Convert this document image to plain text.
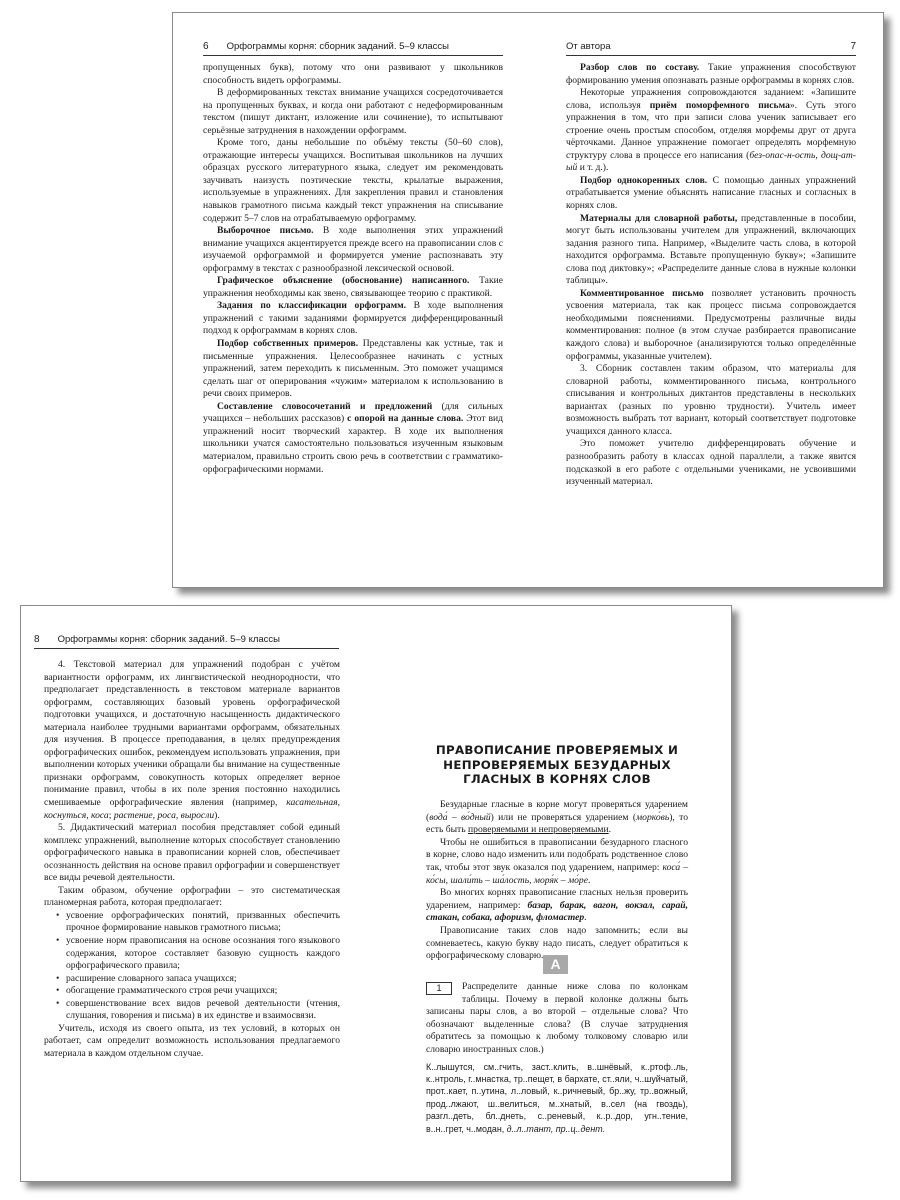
6 Орфограммы корня: сборник заданий. 5–9 классы

пропущенных букв), потому что они развивают у школьников способность видеть орфограммы.

В деформированных текстах внимание учащихся сосредоточивается на пропущенных буквах, и когда они работают с недеформированным текстом (пишут диктант, изложение или сочинение), то испытывают серьёзные затруднения в нахождении орфограмм.

Кроме того, даны небольшие по объёму тексты (50–60 слов), отражающие интересы учащихся. Воспитывая школьников на лучших образцах русского литературного языка, следует им рекомендовать заучивать наизусть поэтические тексты, крылатые выражения, используемые в упражнениях. Для закрепления правил и становления навыков грамотного письма каждый текст упражнения на списывание содержит 5–7 слов на отрабатываемую орфограмму.

Выборочное письмо. В ходе выполнения этих упражнений внимание учащихся акцентируется прежде всего на правописании слов с изучаемой орфограммой и формируется умение распознавать эту орфограмму в текстах с разнообразной лексической основой.

Графическое объяснение (обоснование) написанного. Такие упражнения необходимы как звено, связывающее теорию с практикой.

Задания по классификации орфограмм. В ходе выполнения упражнений с такими заданиями формируется дифференцированный подход к орфограммам в корнях слов.

Подбор собственных примеров. Представлены как устные, так и письменные упражнения. Целесообразнее начинать с устных упражнений, затем переходить к письменным. Это поможет учащимся сделать шаг от оперирования «чужим» материалом к использованию в речи своих примеров.

Составление словосочетаний и предложений (для сильных учащихся – небольших рассказов) с опорой на данные слова. Этот вид упражнений носит творческий характер. В ходе их выполнения школьники учатся самостоятельно пользоваться изученным языковым материалом, правильно строить свою речь в соответствии с грамматико-орфографическими нормами.

От автора	7

Разбор слов по составу. Такие упражнения способствуют формированию умения опознавать разные орфограммы в корнях слов.

Некоторые упражнения сопровождаются заданием: «Запишите слова, используя приём поморфемного письма». Суть этого упражнения в том, что при записи слова ученик записывает его строение очень простым способом, отделяя морфемы друг от друга чёрточками. Данное упражнение помогает определять морфемную структуру слова в процессе его написания (без-опас-н-ость, дощ-ат-ый и т. д.).

Подбор однокоренных слов. С помощью данных упражнений отрабатывается умение объяснять написание гласных и согласных в корнях слов.

Материалы для словарной работы, представленные в пособии, могут быть использованы учителем для упражнений, включающих задания разного типа. Например, «Выделите часть слова, в которой находится орфограмма. Вставьте пропущенную букву»; «Запишите слова под диктовку»; «Распределите данные слова в нужные колонки таблицы».

Комментированное письмо позволяет установить прочность усвоения материала, так как процесс письма сопровождается необходимыми пояснениями. Предусмотрены различные виды комментирования: полное (в этом случае разбирается правописание каждого слова) и выборочное (анализируются только определённые орфограммы, указанные учителем).

3. Сборник составлен таким образом, что материалы для словарной работы, комментированного письма, контрольного списывания и контрольных диктантов представлены в нескольких вариантах (разных по уровню трудности). Учитель имеет возможность выбрать тот вариант, который соответствует подготовке учащихся данного класса.

Это поможет учителю дифференцировать обучение и разнообразить работу в классах одной параллели, а также явится подсказкой в его работе с отдельными учениками, не усвоившими изученный материал.

8 Орфограммы корня: сборник заданий. 5–9 классы

4. Текстовой материал для упражнений подобран с учётом вариантности орфограмм, их лингвистической неоднородности, что предполагает представленность в текстовом материале вариантов орфограмм, составляющих базовый уровень орфографической подготовки учащихся, и достаточную насыщенность дидактического материала наиболее трудными вариантами орфограмм, обязательных для изучения. В процессе преподавания, в целях предупреждения орфографических ошибок, рекомендуем использовать упражнения, при выполнении которых ученики обращали бы внимание на существенные признаки орфограмм, совокупность которых определяет верное понимание правил, чтобы в их поле зрения постоянно находились смешиваемые орфографические явления (например, касательная, коснуться, коса; растение, роса, выросли).

5. Дидактический материал пособия представляет собой единый комплекс упражнений, выполнение которых способствует становлению орфографического навыка в правописании корней слов, обеспечивает осознанность действия на основе правил орфографии и совершенствует все виды речевой деятельности.

Таким образом, обучение орфографии – это систематическая планомерная работа, которая предполагает:

• усвоение орфографических понятий, призванных обеспечить прочное формирование навыков грамотного письма;
• усвоение норм правописания на основе осознания того языкового содержания, которое составляет базовую сущность каждого орфографического правила;
• расширение словарного запаса учащихся;
• обогащение грамматического строя речи учащихся;
• совершенствование всех видов речевой деятельности (чтения, слушания, говорения и письма) в их единстве и взаимосвязи.

Учитель, исходя из своего опыта, из тех условий, в которых он работает, сам определит возможность использования предлагаемого материала в каждом отдельном случае.

ПРАВОПИСАНИЕ ПРОВЕРЯЕМЫХ И НЕПРОВЕРЯЕМЫХ БЕЗУДАРНЫХ ГЛАСНЫХ В КОРНЯХ СЛОВ

Безударные гласные в корне могут проверяться ударением (вода́ – во́дный) или не проверяться ударением (морко́вь), то есть быть проверяемыми и непроверяемыми.

Чтобы не ошибиться в правописании безударного гласного в корне, слово надо изменить или подобрать родственное слово так, чтобы этот звук оказался под ударением, например: коса́ – ко́сы, шали́ть – ша́лость, моря́к – мо́ре.

Во многих корнях правописание гласных нельзя проверить ударением, например: базар, барак, вагон, вокзал, сарай, стакан, собака, афоризм, фломастер.

Правописание таких слов надо запомнить; если вы сомневаетесь, какую букву надо писать, следует обратиться к орфографическому словарю.

А
1	Распределите данные ниже слова по колонкам таблицы. Почему в первой колонке должны быть записаны пары слов, а во второй – отдельные слова? Что обозначают выделенные слова? (В случае затруднения обратитесь за помощью к любому толковому словарю или словарю иностранных слов.)

К..лышутся, см..гчить, заст..клить, в..шнёвый, к..ртоф..ль, к..нтроль, г..мнастка, тр..пещет, в бархате, ст..яли, ч..шуйчатый, прот..кает, п..утина, л..ловый, к..ричневый, бр..жу, тр..вожный, прод..лжают, ш..велиться, м..хнатый, в..сел (на гвоздь), разгл..деть, бл..днеть, с..реневый, к..р..дор, угн..тение, в..н..грет, ч..модан, д..л..тант, пр..ц..дент.
